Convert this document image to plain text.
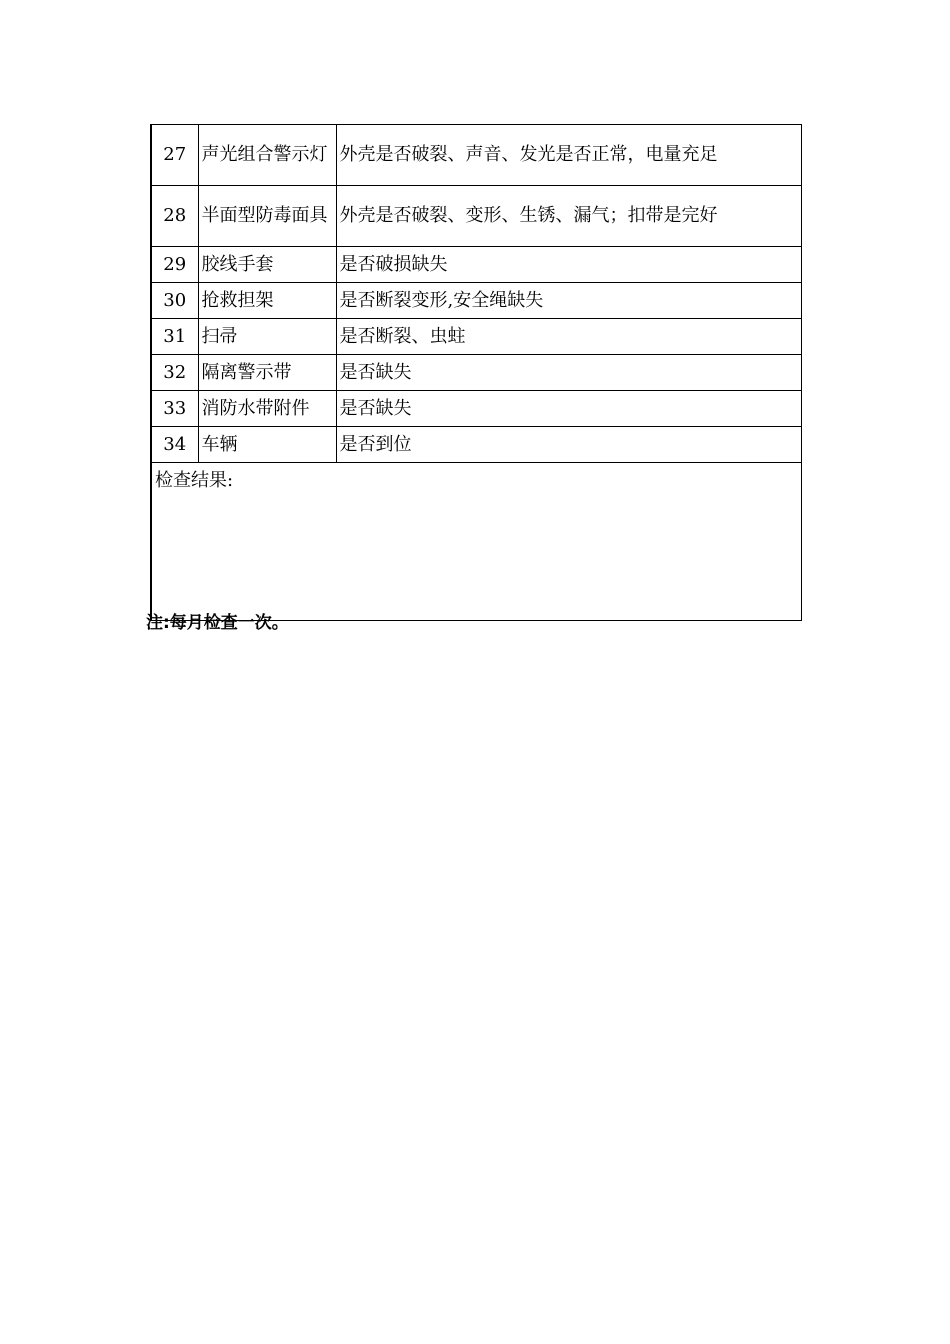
27	声光组合警示灯	外壳是否破裂、声音、发光是否正常，电量充足
28	半面型防毒面具	外壳是否破裂、变形、生锈、漏气；扣带是完好
29	胶线手套	是否破损缺失
30	抢救担架	是否断裂变形,安全绳缺失
31	扫帚	是否断裂、虫蛀
32	隔离警示带	是否缺失
33	消防水带附件	是否缺失
34	车辆	是否到位
检查结果:		
注:每月检查一次。
